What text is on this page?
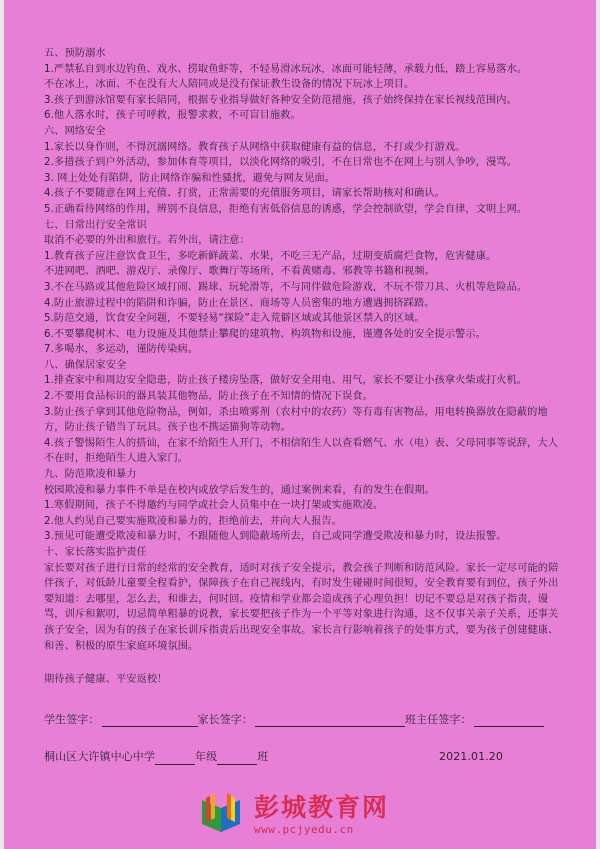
五、预防溺水
1.严禁私自到水边钓鱼、戏水、捞取鱼虾等，不轻易滑冰玩冰，冰面可能轻薄，承载力低，踏上容易落水。
不在冰上，冰面、不在没有大人陪同或是没有保证教生设备的情况下玩冰上项目。
3.孩子到游泳馆要有家长陪同，根据专业指导做好各种安全防范措施，孩子始终保持在家长视线范围内。
6.他人落水时，孩子可呼救，报警求救，不可盲目施救。
六、网络安全
1.家长以身作则，不得沉溺网络。教育孩子从网络中获取健康有益的信息，不打或少打游戏。
2.多措孩子到户外活动，参加体育等项目，以淡化网络的吸引，不在日常也不在网上与别人争吵，漫骂。
3. 网上处处有陷阱，防止网络诈骗和性骚扰，避免与网友见面。
4.孩子不要随意在网上充值、打赏，正常需要的充值服务项目，请家长帮助核对和确认。
5.正确看待网络的作用，辨别不良信息，拒绝有害低俗信息的诱惑，学会控制欲望，学会自律，文明上网。
七、日常出行安全常识
取消不必要的外出和旅行。若外出，请注意：
1.教育孩子应注意饮食卫生，多吃新鲜蔬菜、水果，不吃三无产品，过期变质腐烂食物，危害健康。
不进网吧、酒吧、游戏厅、录像厅、歌舞厅等场所，不看黄赌毒、邪教等书籍和视频。
3.不在马路或其他危险区域打闹、踢球、玩轮滑等，不与同伴做危险游戏，不玩不带刀具、火机等危险品。
4.防止旅游过程中的陷阱和诈骗，防止在景区、商场等人员密集的地方遭遇拥挤踩踏。
5.防范交通，饮食安全问题，不要轻易“探险”走入荒僻区域或其他景区禁入的区域。
6.不要攀爬树木、电力设施及其他禁止攀爬的建筑物、构筑物和设施，谨遵各处的安全提示警示。
7.多喝水，多运动，谨防传染病。
八、确保居家安全
1.排查家中和周边安全隐患，防止孩子楼房坠落，做好安全用电、用气，家长不要让小孩拿火柴或打火机。
2.不要用食品标识的器具装其他物品，防止孩子在不知情的情况下误食。
3.防止孩子拿到其他危险物品，例如，杀虫喷雾剂（农村中的农药）等有毒有害物品，用电转换器放在隐蔽的地方，防止孩子错当了玩具。孩子也不携运猫狗等动物。
4.孩子警惕陌生人的搭讪，在家不给陌生人开门，不相信陌生人以查看燃气、水（电）表、父母同事等说辞，大人不在时，拒绝陌生人进入家门。
九、防范欺凌和暴力
校园欺凌和暴力事件不单是在校内或放学后发生的，通过案例来看，有的发生在假期。
1.寒假期间，孩子不得邀约与同学或社会人员集中在一块打架或实施欺凌。
2.他人约见自己要实施欺凌和暴力的，拒绝前去，并向大人报告。
3.预见可能遭受欺凌和暴力时，不跟随他人到隐蔽场所去，自己或同学遭受欺凌和暴力时，设法报警。
十、家长落实监护责任
家长要对孩子进行日常的经常的安全教育，适时对孩子安全提示，教会孩子判断和防范风险。家长一定尽可能的陪伴孩子，对低龄儿童要全程看护，保障孩子在自己视线内，有时发生碰碰时间很短，安全教育要有到位，孩子外出要知道：去哪里，怎么去，和谁去，何时回。疫情和学业都会造成孩子心理负担！切记不要总是对孩子指责，谩骂，训斥和絮叨，切忌简单粗暴的说教，家长要把孩子作为一个平等对象进行沟通，这不仅事关亲子关系，还事关孩子安全，因为有的孩子在家长训斥指责后出现安全事故。家长言行影响着孩子的处事方式，要为孩子创建健康、和善、积极的原生家庭环境氛围。
期待孩子健康、平安返校！
学生签字：	家长签字：	班主任签字：
桐山区大许镇中心中学	年级	班	2021.01.20
彭城教育网
www.pcjyedu.cn
